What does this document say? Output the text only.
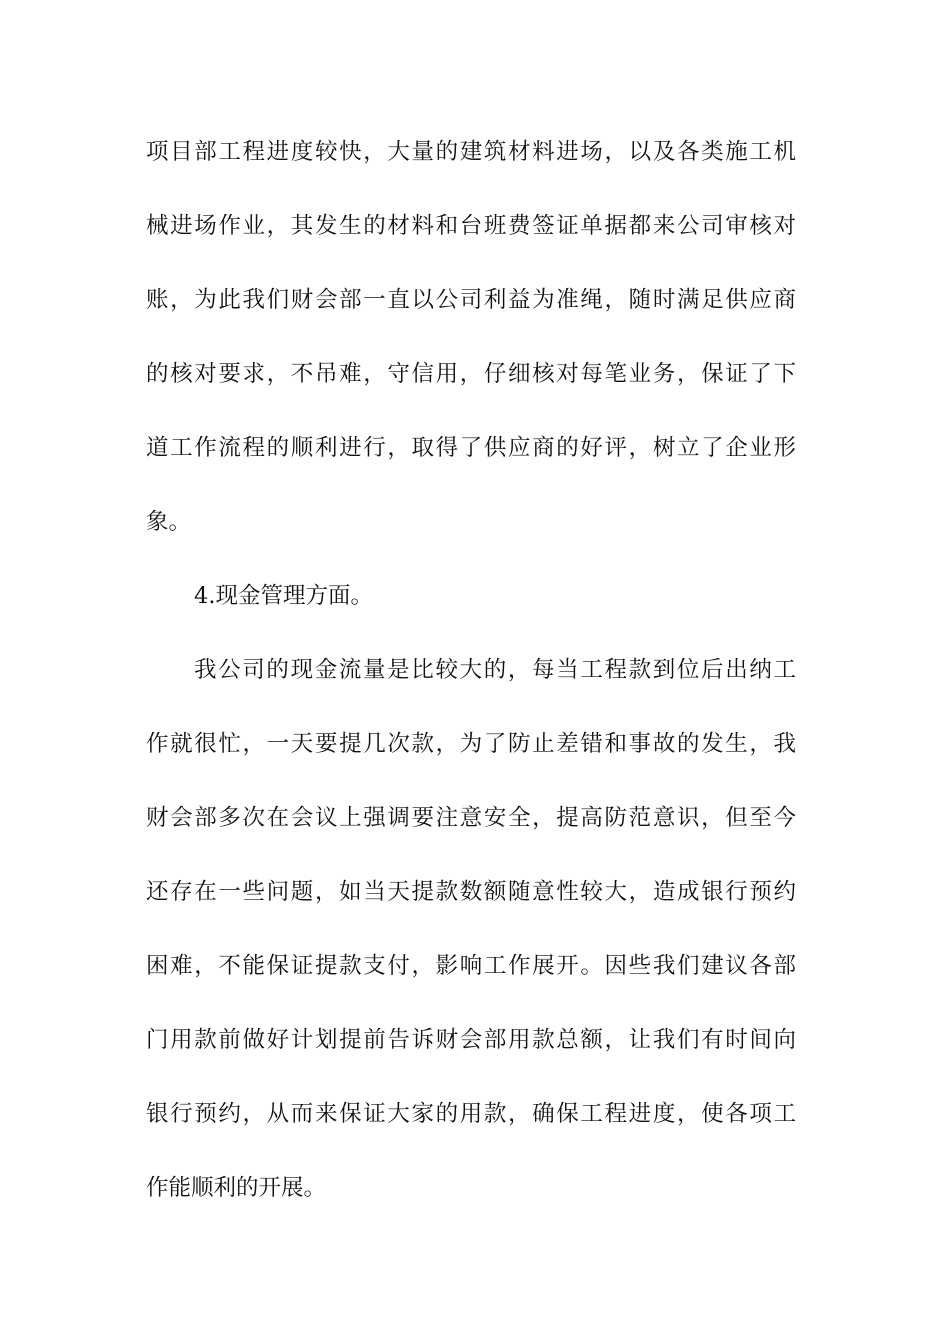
项目部工程进度较快，大量的建筑材料进场，以及各类施工机
械进场作业，其发生的材料和台班费签证单据都来公司审核对
账，为此我们财会部一直以公司利益为准绳，随时满足供应商
的核对要求，不吊难，守信用，仔细核对每笔业务，保证了下
道工作流程的顺利进行，取得了供应商的好评，树立了企业形
象。
4.现金管理方面。
我公司的现金流量是比较大的，每当工程款到位后出纳工
作就很忙，一天要提几次款，为了防止差错和事故的发生，我
财会部多次在会议上强调要注意安全，提高防范意识，但至今
还存在一些问题，如当天提款数额随意性较大，造成银行预约
困难，不能保证提款支付，影响工作展开。因些我们建议各部
门用款前做好计划提前告诉财会部用款总额，让我们有时间向
银行预约，从而来保证大家的用款，确保工程进度，使各项工
作能顺利的开展。
